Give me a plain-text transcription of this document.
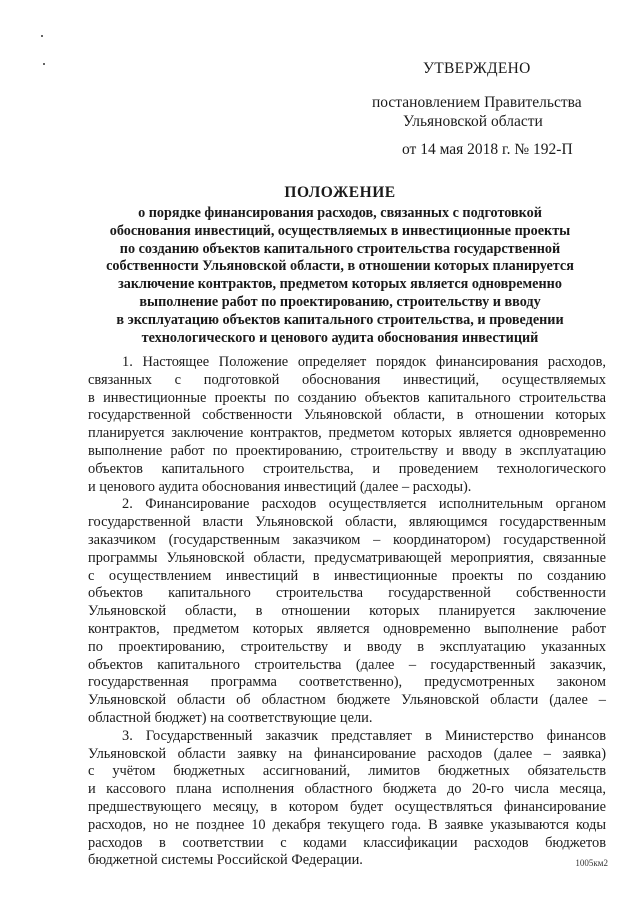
УТВЕРЖДЕНО
постановлением Правительства
Ульяновской области
от 14 мая 2018 г. № 192-П
ПОЛОЖЕНИЕ
о порядке финансирования расходов, связанных с подготовкой
обоснования инвестиций, осуществляемых в инвестиционные проекты
по созданию объектов капитального строительства государственной
собственности Ульяновской области, в отношении которых планируется
заключение контрактов, предметом которых является одновременно
выполнение работ по проектированию, строительству и вводу
в эксплуатацию объектов капитального строительства, и проведении
технологического и ценового аудита обоснования инвестиций
1. Настоящее Положение определяет порядок финансирования расходов,
связанных с подготовкой обоснования инвестиций, осуществляемых
в инвестиционные проекты по созданию объектов капитального строительства
государственной собственности Ульяновской области, в отношении которых
планируется заключение контрактов, предметом которых является одновременно
выполнение работ по проектированию, строительству и вводу в эксплуатацию
объектов капитального строительства, и проведением технологического
и ценового аудита обоснования инвестиций (далее – расходы).
2. Финансирование расходов осуществляется исполнительным органом
государственной власти Ульяновской области, являющимся государственным
заказчиком (государственным заказчиком – координатором) государственной
программы Ульяновской области, предусматривающей мероприятия, связанные
с осуществлением инвестиций в инвестиционные проекты по созданию
объектов капитального строительства государственной собственности
Ульяновской области, в отношении которых планируется заключение
контрактов, предметом которых является одновременно выполнение работ
по проектированию, строительству и вводу в эксплуатацию указанных
объектов капитального строительства (далее – государственный заказчик,
государственная программа соответственно), предусмотренных законом
Ульяновской области об областном бюджете Ульяновской области (далее –
областной бюджет) на соответствующие цели.
3. Государственный заказчик представляет в Министерство финансов
Ульяновской области заявку на финансирование расходов (далее – заявка)
с учётом бюджетных ассигнований, лимитов бюджетных обязательств
и кассового плана исполнения областного бюджета до 20-го числа месяца,
предшествующего месяцу, в котором будет осуществляться финансирование
расходов, но не позднее 10 декабря текущего года. В заявке указываются коды
расходов в соответствии с кодами классификации расходов бюджетов
бюджетной системы Российской Федерации.	1005км2
